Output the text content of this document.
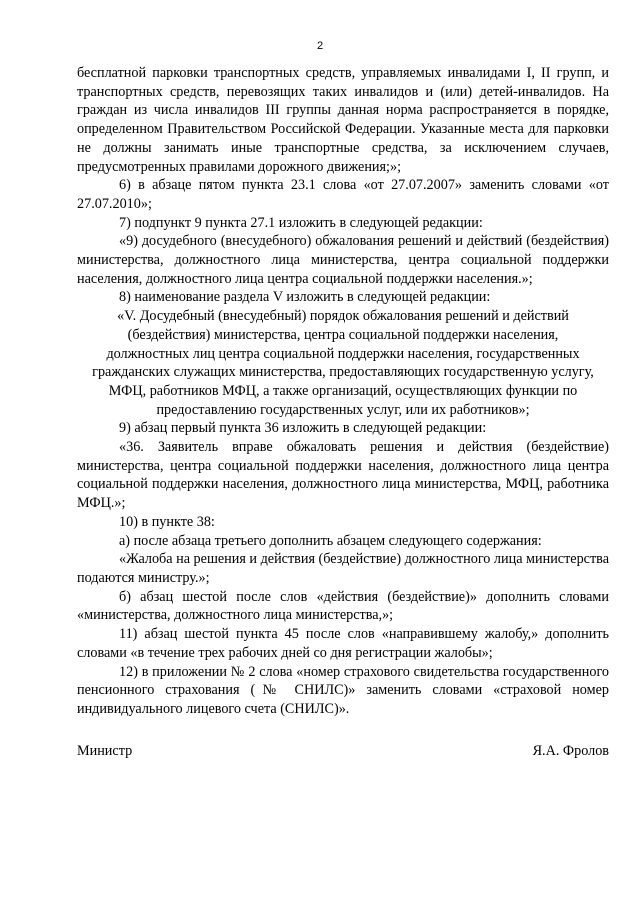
2

бесплатной парковки транспортных средств, управляемых инвалидами I, II групп, и транспортных средств, перевозящих таких инвалидов и (или) детей-инвалидов. На граждан из числа инвалидов III группы данная норма распространяется в порядке, определенном Правительством Российской Федерации. Указанные места для парковки не должны занимать иные транспортные средства, за исключением случаев, предусмотренных правилами дорожного движения;»;

6) в абзаце пятом пункта 23.1 слова «от 27.07.2007» заменить словами «от 27.07.2010»;

7) подпункт 9 пункта 27.1 изложить в следующей редакции:

«9) досудебного (внесудебного) обжалования решений и действий (бездействия) министерства, должностного лица министерства, центра социальной поддержки населения, должностного лица центра социальной поддержки населения.»;

8) наименование раздела V изложить в следующей редакции:

«V. Досудебный (внесудебный) порядок обжалования решений и действий (бездействия) министерства, центра социальной поддержки населения, должностных лиц центра социальной поддержки населения, государственных гражданских служащих министерства, предоставляющих государственную услугу, МФЦ, работников МФЦ, а также организаций, осуществляющих функции по предоставлению государственных услуг, или их работников»;

9) абзац первый пункта 36 изложить в следующей редакции:

«36. Заявитель вправе обжаловать решения и действия (бездействие) министерства, центра социальной поддержки населения, должностного лица центра социальной поддержки населения, должностного лица министерства, МФЦ, работника МФЦ.»;

10) в пункте 38:

а) после абзаца третьего дополнить абзацем следующего содержания:

«Жалоба на решения и действия (бездействие) должностного лица министерства подаются министру.»;

б) абзац шестой после слов «действия (бездействие)» дополнить словами «министерства, должностного лица министерства,»;

11) абзац шестой пункта 45 после слов «направившему жалобу,» дополнить словами «в течение трех рабочих дней со дня регистрации жалобы»;

12) в приложении № 2 слова «номер страхового свидетельства государственного пенсионного страхования (№ СНИЛС)» заменить словами «страховой номер индивидуального лицевого счета (СНИЛС)».

Министр	Я.А. Фролов
